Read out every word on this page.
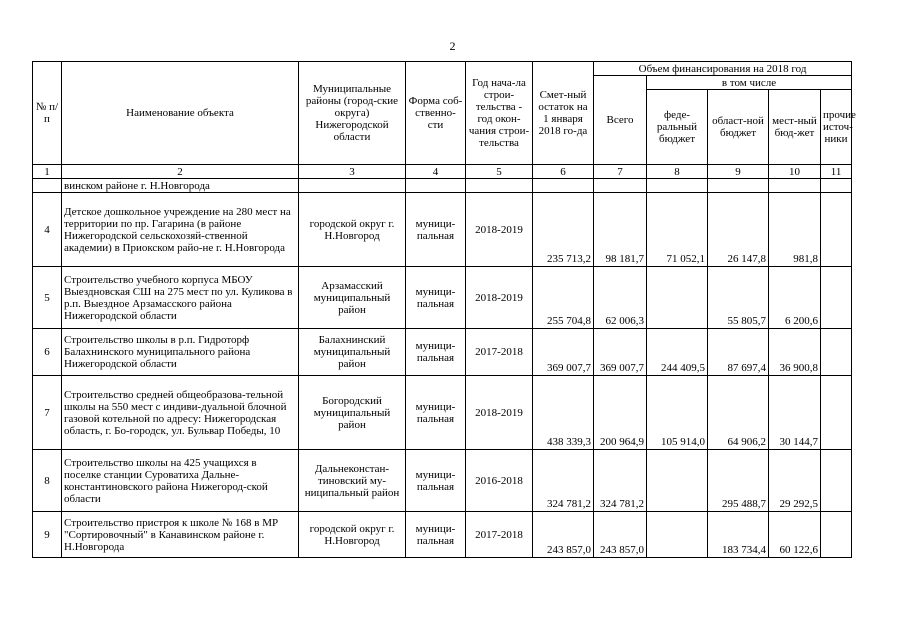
2
№ п/п	Наименование объекта	Муниципальные районы (город-ские округа) Нижегородской области	Форма соб-ственно-сти	Год нача-ла строи-тельства - год окон-чания строи-тельства	Смет-ный остаток на 1 января 2018 го-да	Объем финансирования на 2018 год				
						Всего	в том числе			
							феде-ральный бюджет	област-ной бюджет	мест-ный бюд-жет	прочие источ-ники
1	2	3	4	5	6	7	8	9	10	11
	винском районе г. Н.Новгорода									
4	Детское дошкольное учреждение на 280 мест на территории по пр. Гагарина (в районе Нижегородской сельскохозяй-ственной академии) в Приокском райо-не г. Н.Новгорода	городской округ г. Н.Новгород	муници-пальная	2018-2019	235 713,2	98 181,7	71 052,1	26 147,8	981,8	
5	Строительство учебного корпуса МБОУ Выездновская СШ на 275 мест по ул. Куликова в р.п. Выездное Арзамасского района Нижегородской области	Арзамасский муниципальный район	муници-пальная	2018-2019	255 704,8	62 006,3		55 805,7	6 200,6	
6	Строительство школы в р.п. Гидроторф Балахнинского муниципального района Нижегородской области	Балахнинский муниципальный район	муници-пальная	2017-2018	369 007,7	369 007,7	244 409,5	87 697,4	36 900,8	
7	Строительство средней общеобразова-тельной школы на 550 мест с индиви-дуальной блочной газовой котельной по адресу: Нижегородская область, г. Бо-городск, ул. Бульвар Победы, 10	Богородский муниципальный район	муници-пальная	2018-2019	438 339,3	200 964,9	105 914,0	64 906,2	30 144,7	
8	Строительство школы на 425 учащихся в поселке станции Суроватиха Дальне-константиновского района Нижегород-ской области	Дальнеконстан-тиновский му-ниципальный район	муници-пальная	2016-2018	324 781,2	324 781,2		295 488,7	29 292,5	
9	Строительство пристроя к школе № 168 в МР "Сортировочный" в Канавинском районе г. Н.Новгорода	городской округ г. Н.Новгород	муници-пальная	2017-2018	243 857,0	243 857,0		183 734,4	60 122,6	
